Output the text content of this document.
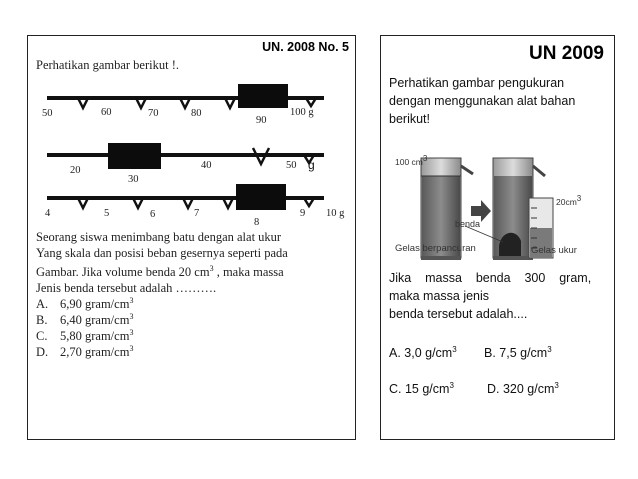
UN. 2008 No. 5
Perhatikan gambar berikut !.
50	60	70	80
90
100 g
20
30
40	50 g
4	5	6	7
8
9 10 g
Seorang siswa menimbang batu dengan alat ukur
Yang skala dan posisi beban gesernya seperti pada
Gambar. Jika volume benda 20 $cm^3$ , maka massa
Jenis benda tersebut adalah ……….
A. 6,90 gram/$cm^3$
B. 6,40 gram/$cm^3$
C. 5,80 gram/$cm^3$
D. 2,70 gram/$cm^3$
UN 2009
Perhatikan gambar pengukuran
dengan menggunakan alat bahan
berikut!
100 $cm^3$
benda
$20cm^3$
Gelas berpancuran	Gelas ukur
Jika    massa    benda    300    gram,
maka massa jenis
benda tersebut adalah....
A. 3,0 $g/cm^3$ B. 7,5 $g/cm^3$
C. 15 $g/cm^3$	D. 320 $g/cm^3$
